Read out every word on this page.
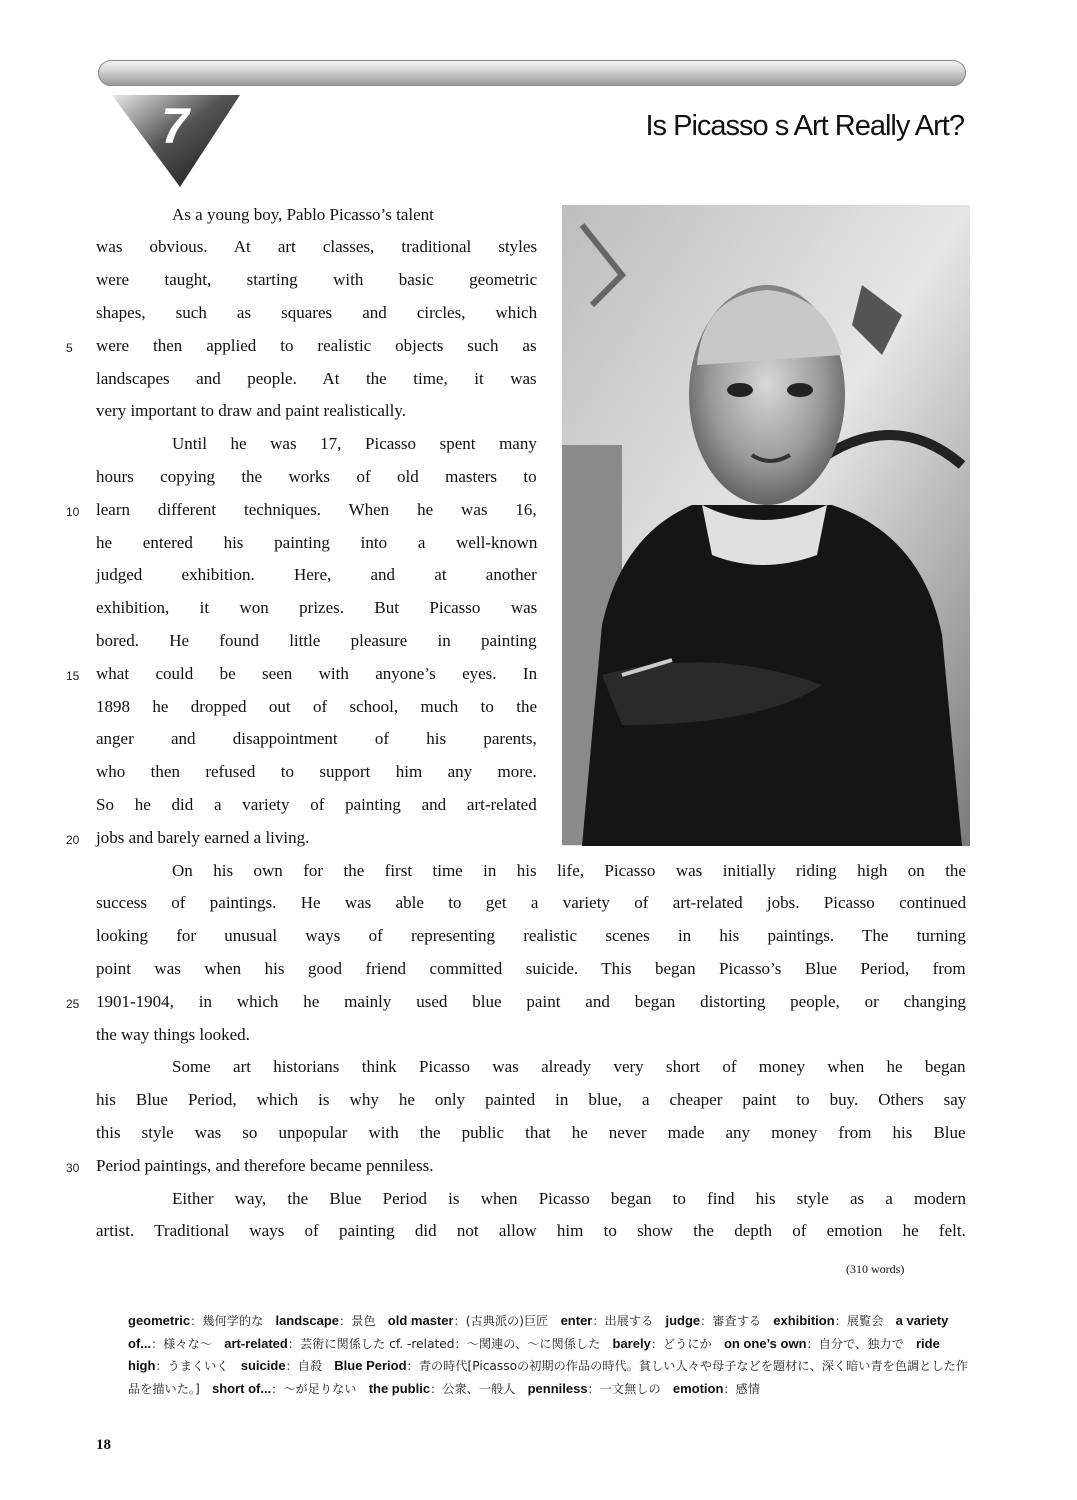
7	Is Picasso s Art Really Art?
As a young boy, Pablo Picasso’s talent
was obvious. At art classes, traditional styles
were taught, starting with basic geometric
shapes, such as squares and circles, which
were then applied to realistic objects such as
landscapes and people. At the time, it was
very important to draw and paint realistically.
Until he was 17, Picasso spent many
hours copying the works of old masters to
learn different techniques. When he was 16,
he entered his painting into a well-known
judged exhibition. Here, and at another
exhibition, it won prizes. But Picasso was
bored. He found little pleasure in painting
what could be seen with anyone’s eyes. In
1898 he dropped out of school, much to the
anger and disappointment of his parents,
who then refused to support him any more.
So he did a variety of painting and art-related
jobs and barely earned a living.
On his own for the first time in his life, Picasso was initially riding high on the
success of paintings. He was able to get a variety of art-related jobs. Picasso continued
looking for unusual ways of representing realistic scenes in his paintings. The turning
point was when his good friend committed suicide. This began Picasso’s Blue Period, from
1901-1904, in which he mainly used blue paint and began distorting people, or changing
the way things looked.
Some art historians think Picasso was already very short of money when he began
his Blue Period, which is why he only painted in blue, a cheaper paint to buy. Others say
this style was so unpopular with the public that he never made any money from his Blue
Period paintings, and therefore became penniless.
Either way, the Blue Period is when Picasso began to find his style as a modern
artist. Traditional ways of painting did not allow him to show the depth of emotion he felt.
5
10
15
20
25
30
(310 words)
geometric：幾何学的な  landscape：景色  old master：(古典派の)巨匠  enter：出展する  judge：審査する  exhibition：展覧会  a variety of...：様々な～  art-related：芸術に関係した cf. -related：～関連の、～に関係した  barely：どうにか  on one’s own：自分で、独力で  ride high：うまくいく  suicide：自殺  Blue Period：青の時代[Picassoの初期の作品の時代。貧しい人々や母子などを題材に、深く暗い青を色調とした作品を描いた。]  short of...：～が足りない  the public：公衆、一般人  penniless：一文無しの  emotion：感情 
18
